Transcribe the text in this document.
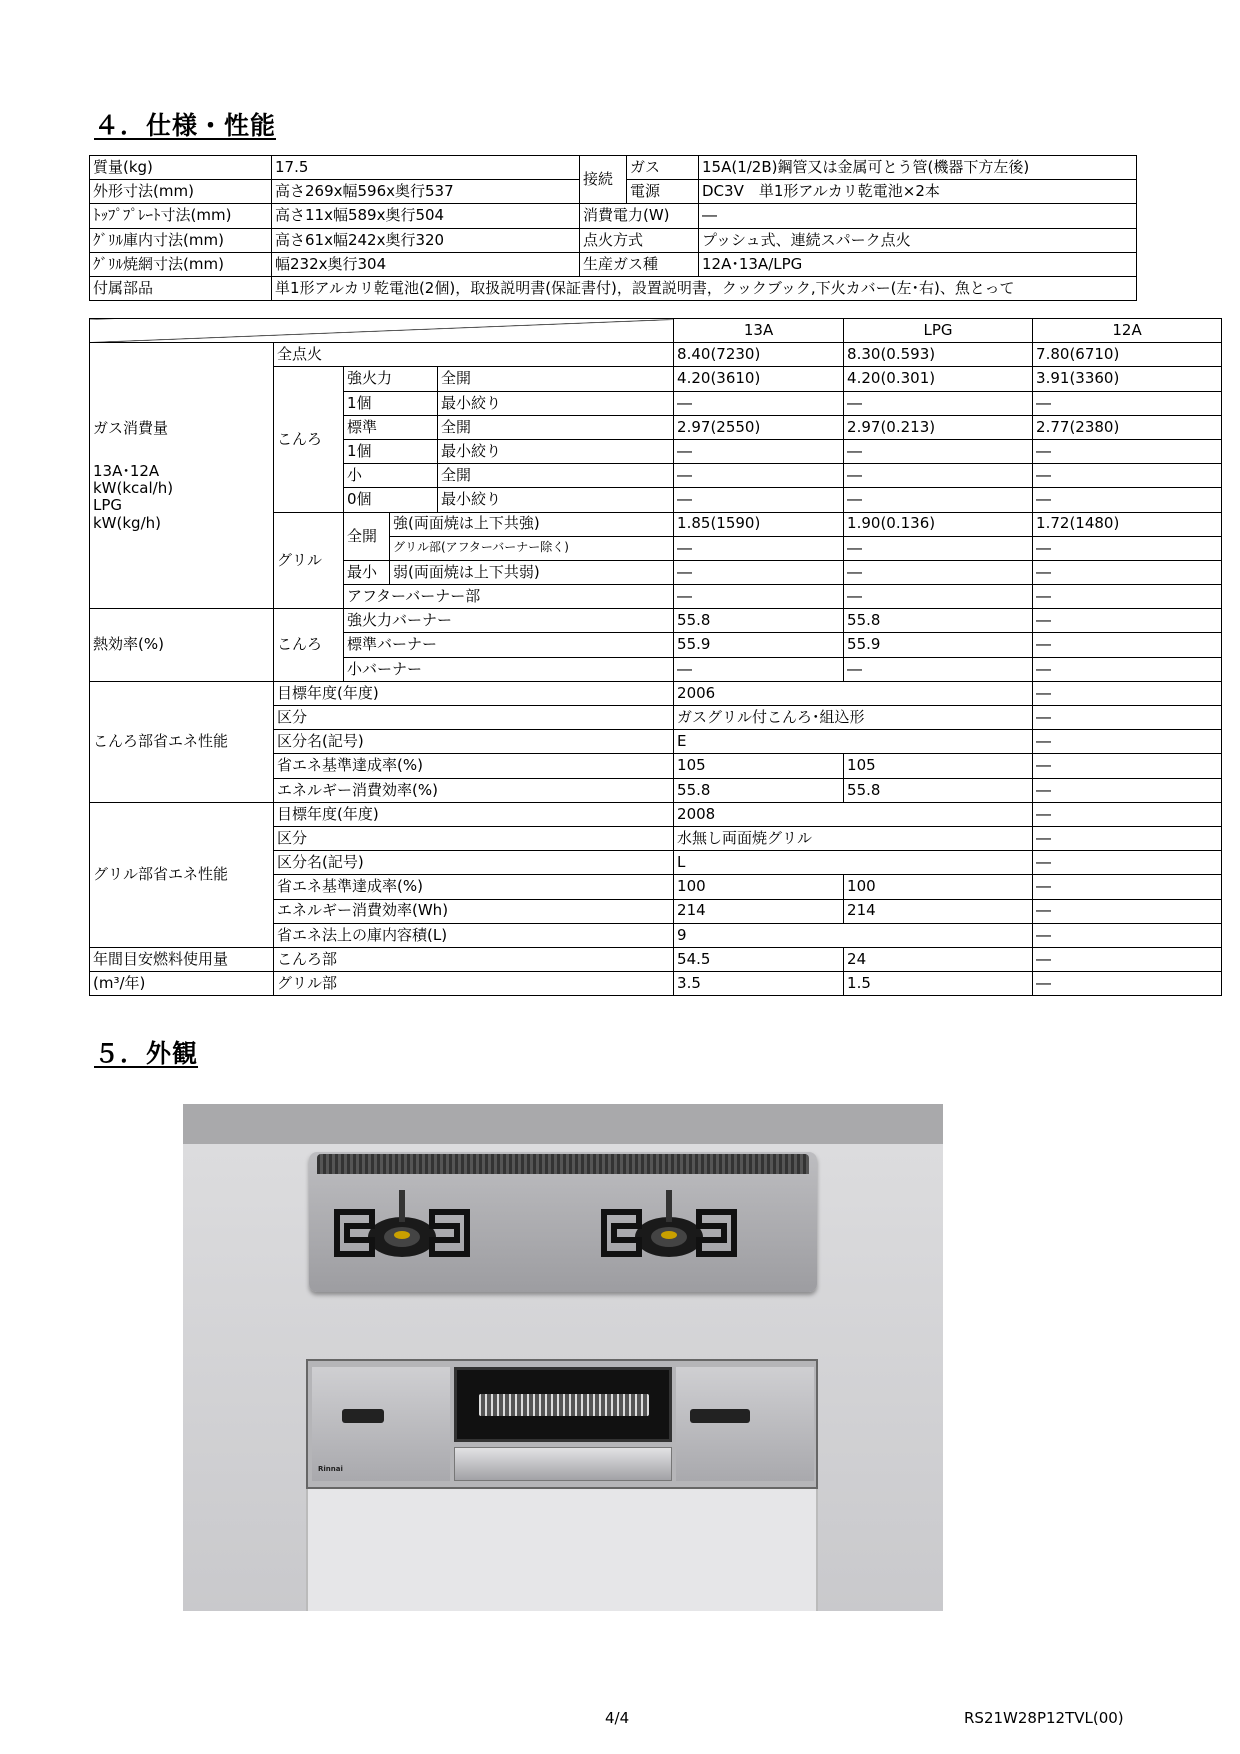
４．仕様・性能
質量(kg)	17.5	接続	ガス	15A(1/2B)鋼管又は金属可とう管(機器下方左後)
外形寸法(mm)	高さ269x幅596x奥行537		電源	DC3V　単1形アルカリ乾電池×2本
ﾄｯﾌﾟﾌﾟﾚｰﾄ寸法(mm)	高さ11x幅589x奥行504	消費電力(W)		―
ｸﾞﾘﾙ庫内寸法(mm)	高さ61x幅242x奥行320	点火方式		プッシュ式、連続スパーク点火
ｸﾞﾘﾙ焼網寸法(mm)	幅232x奥行304	生産ガス種		12A･13A/LPG
付属部品	単1形アルカリ乾電池(2個)，取扱説明書(保証書付)，設置説明書，クックブック,下火カバー(左･右)、魚とって			
					13A	LPG	12A

ガス消費量
13A･12A
kW(kcal/h)
LPG
kW(kg/h)	全点火				8.40(7230)	8.30(0.593)	7.80(6710)
	こんろ	強火力		全開	4.20(3610)	4.20(0.301)	3.91(3360)
		1個		最小絞り	―	―	―
		標準		全開	2.97(2550)	2.97(0.213)	2.77(2380)
		1個		最小絞り	―	―	―
		小		全開	―	―	―
		0個		最小絞り	―	―	―
	グリル	全開	強(両面焼は上下共強)		1.85(1590)	1.90(0.136)	1.72(1480)
			グリル部(アフターバーナー除く)		―	―	―
		最小	弱(両面焼は上下共弱)		―	―	―
		アフターバーナー部			―	―	―
熱効率(%)	こんろ	強火力バーナー			55.8	55.8	―
		標準バーナー			55.9	55.9	―
		小バーナー			―	―	―
こんろ部省エネ性能	目標年度(年度)				2006		―
	区分				ガスグリル付こんろ･組込形		―
	区分名(記号)				E		―
	省エネ基準達成率(%)				105	105	―
	エネルギー消費効率(%)				55.8	55.8	―
グリル部省エネ性能	目標年度(年度)				2008		―
	区分				水無し両面焼グリル		―
	区分名(記号)				L		―
	省エネ基準達成率(%)				100	100	―
	エネルギー消費効率(Wh)				214	214	―
	省エネ法上の庫内容積(L)				9		―
年間目安燃料使用量	こんろ部				54.5	24	―
(m³/年)	グリル部				3.5	1.5	―
５．外観
Rinnai
4/4	RS21W28P12TVL(00)
